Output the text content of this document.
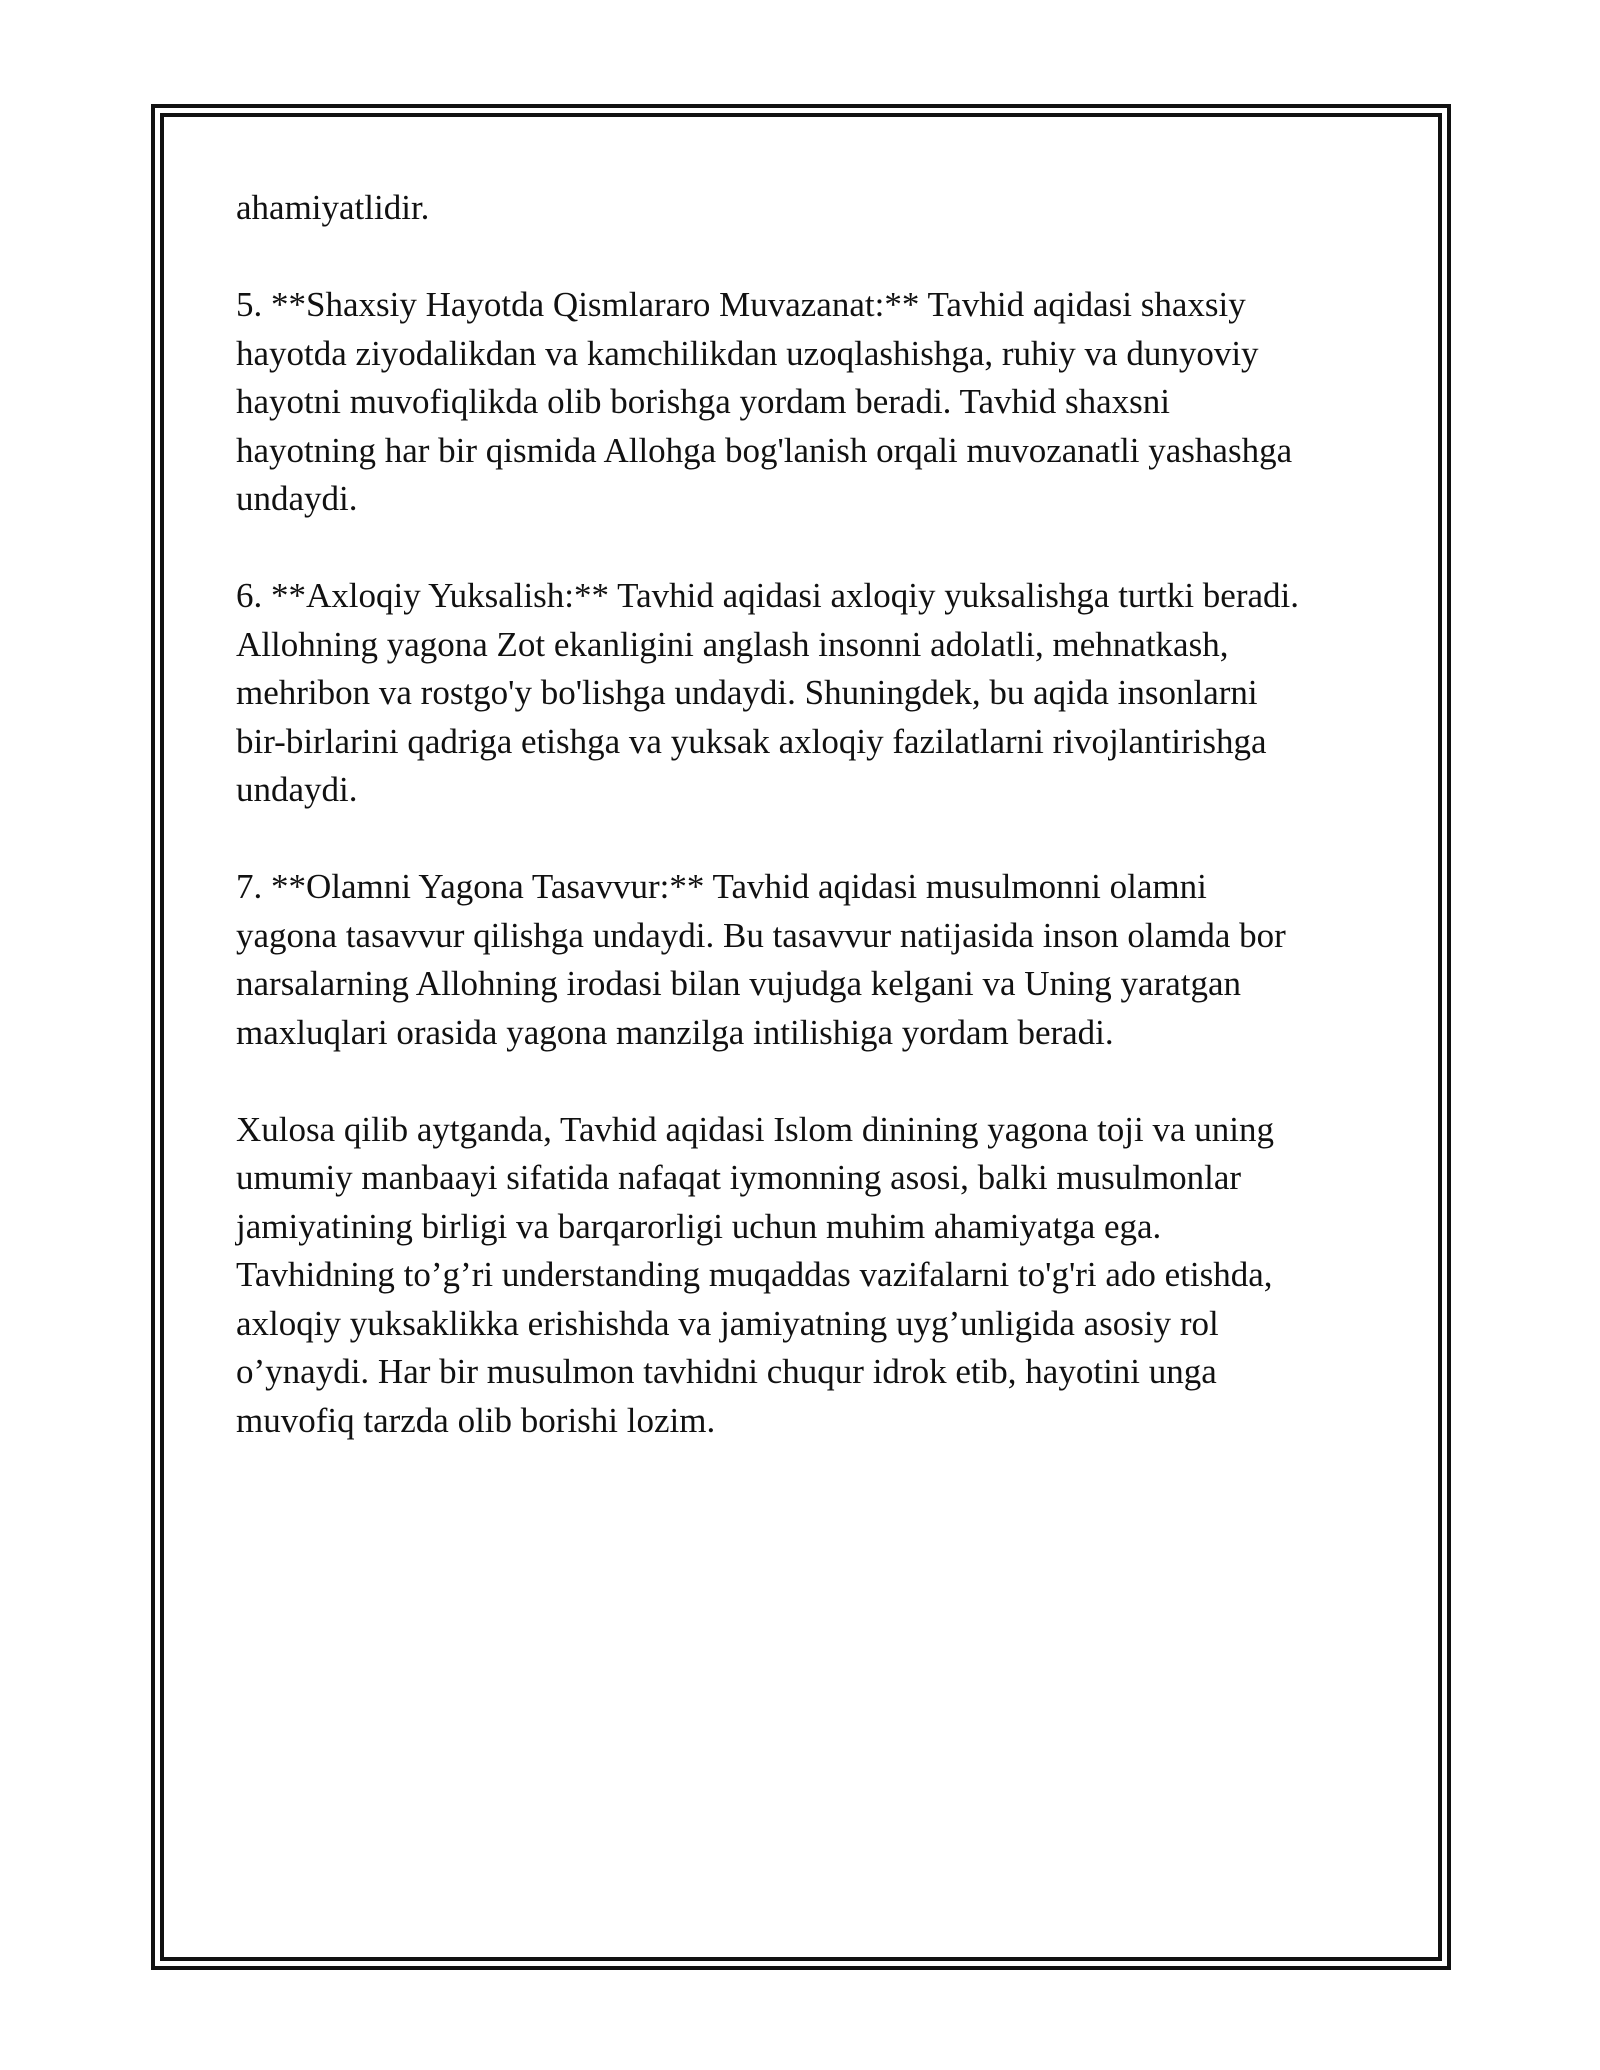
ahamiyatlidir.

5. **Shaxsiy Hayotda Qismlararo Muvazanat:** Tavhid aqidasi shaxsiy
hayotda ziyodalikdan va kamchilikdan uzoqlashishga, ruhiy va dunyoviy
hayotni muvofiqlikda olib borishga yordam beradi. Tavhid shaxsni
hayotning har bir qismida Allohga bog'lanish orqali muvozanatli yashashga
undaydi.

6. **Axloqiy Yuksalish:** Tavhid aqidasi axloqiy yuksalishga turtki beradi.
Allohning yagona Zot ekanligini anglash insonni adolatli, mehnatkash,
mehribon va rostgo'y bo'lishga undaydi. Shuningdek, bu aqida insonlarni
bir-birlarini qadriga etishga va yuksak axloqiy fazilatlarni rivojlantirishga
undaydi.

7. **Olamni Yagona Tasavvur:** Tavhid aqidasi musulmonni olamni
yagona tasavvur qilishga undaydi. Bu tasavvur natijasida inson olamda bor
narsalarning Allohning irodasi bilan vujudga kelgani va Uning yaratgan
maxluqlari orasida yagona manzilga intilishiga yordam beradi.

Xulosa qilib aytganda, Tavhid aqidasi Islom dinining yagona toji va uning
umumiy manbaayi sifatida nafaqat iymonning asosi, balki musulmonlar
jamiyatining birligi va barqarorligi uchun muhim ahamiyatga ega.
Tavhidning to’g’ri understanding muqaddas vazifalarni to'g'ri ado etishda,
axloqiy yuksaklikka erishishda va jamiyatning uyg’unligida asosiy rol
o’ynaydi. Har bir musulmon tavhidni chuqur idrok etib, hayotini unga
muvofiq tarzda olib borishi lozim.
